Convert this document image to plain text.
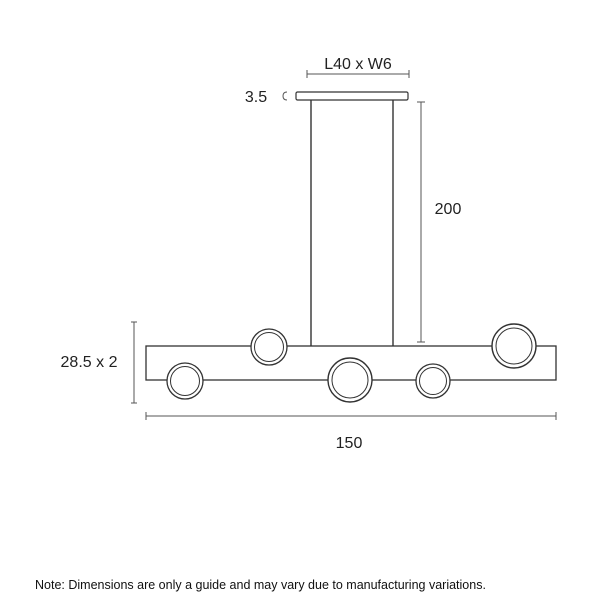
L40 x W6
3.5
200
28.5 x 2
150
Note: Dimensions are only a guide and may vary due to manufacturing variations.
